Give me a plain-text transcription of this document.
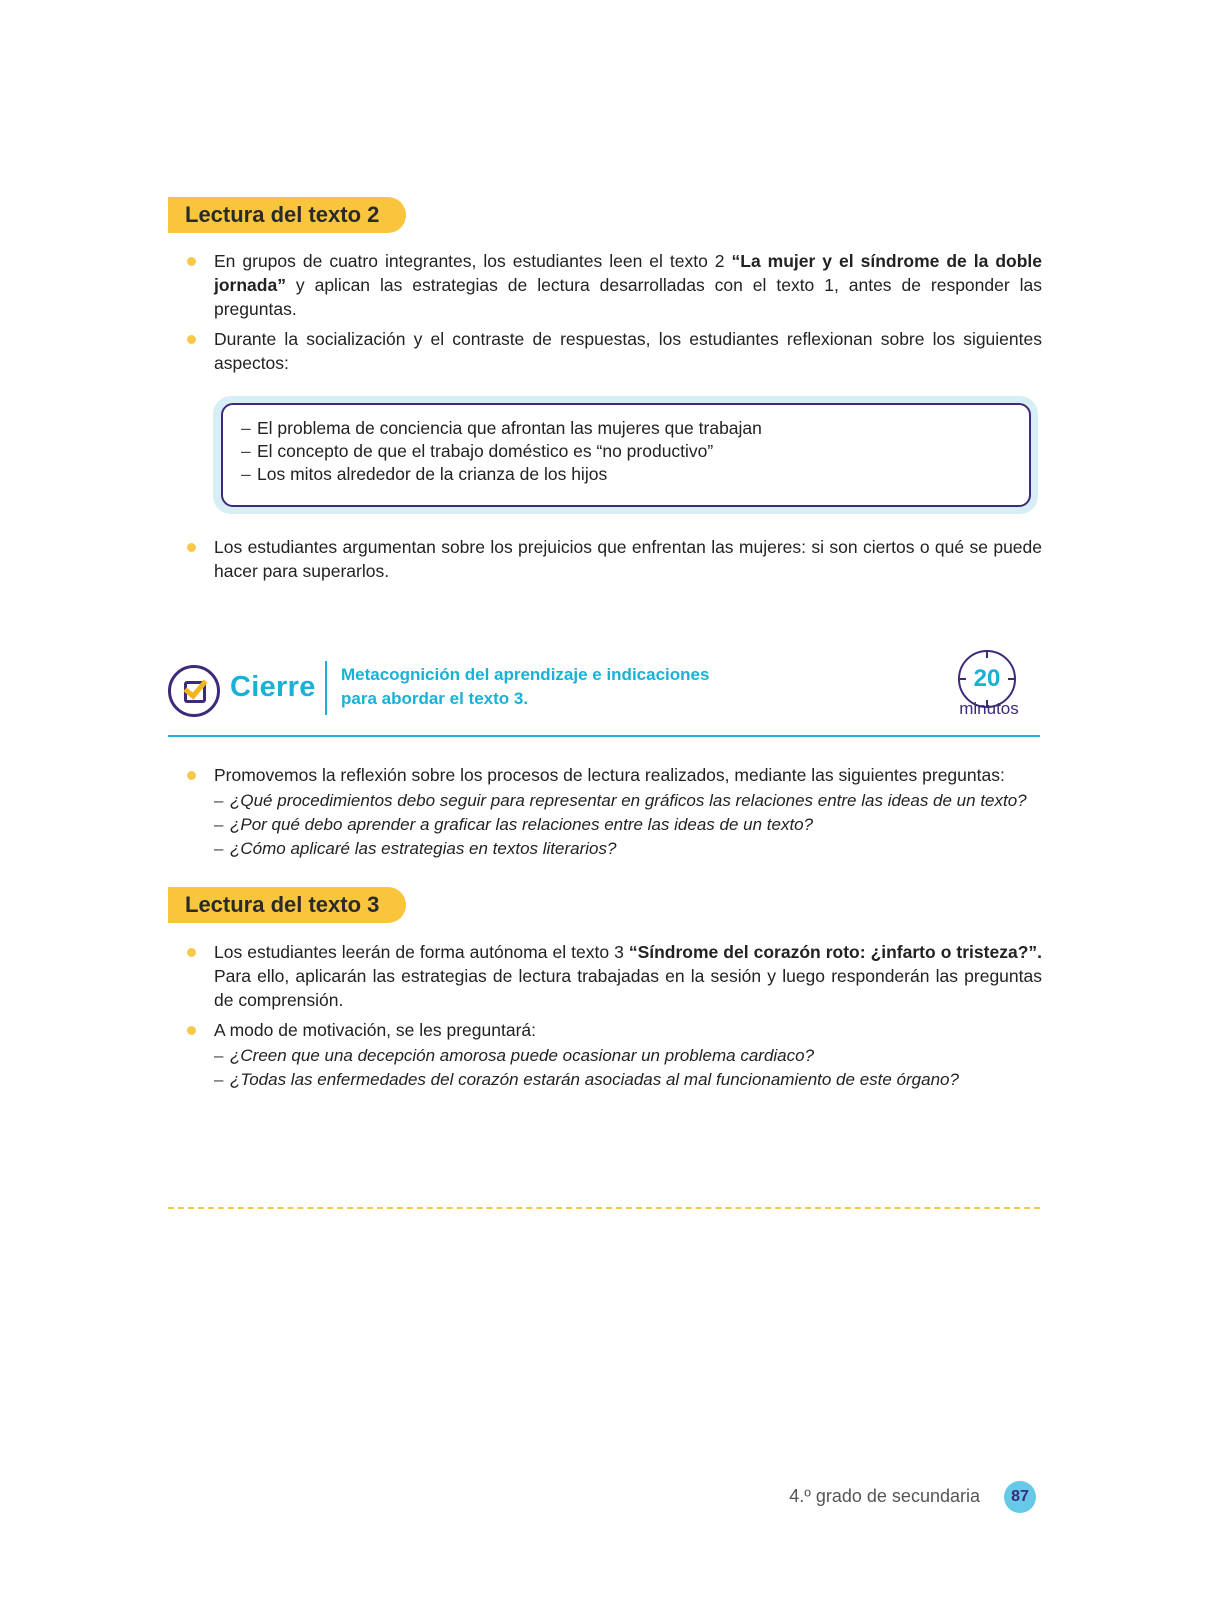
Lectura del texto 2
En grupos de cuatro integrantes, los estudiantes leen el texto 2 “La mujer y el síndrome de la doble jornada” y aplican las estrategias de lectura desarrolladas con el texto 1, antes de responder las preguntas.
Durante la socialización y el contraste de respuestas, los estudiantes reflexionan sobre los siguientes aspectos:
– El problema de conciencia que afrontan las mujeres que trabajan
– El concepto de que el trabajo doméstico es “no productivo”
– Los mitos alrededor de la crianza de los hijos
Los estudiantes argumentan sobre los prejuicios que enfrentan las mujeres: si son ciertos o qué se puede hacer para superarlos.
Cierre Metacognición del aprendizaje e indicaciones
para abordar el texto 3.
20
minutos
Promovemos la reflexión sobre los procesos de lectura realizados, mediante las siguientes preguntas:
– ¿Qué procedimientos debo seguir para representar en gráficos las relaciones entre las ideas de un texto?
– ¿Por qué debo aprender a graficar las relaciones entre las ideas de un texto?
– ¿Cómo aplicaré las estrategias en textos literarios?
Lectura del texto 3
Los estudiantes leerán de forma autónoma el texto 3 “Síndrome del corazón roto: ¿infarto o tristeza?”. Para ello, aplicarán las estrategias de lectura trabajadas en la sesión y luego responderán las preguntas de comprensión.
A modo de motivación, se les preguntará:
– ¿Creen que una decepción amorosa puede ocasionar un problema cardiaco?
– ¿Todas las enfermedades del corazón estarán asociadas al mal funcionamiento de este órgano?
4.º grado de secundaria	87
